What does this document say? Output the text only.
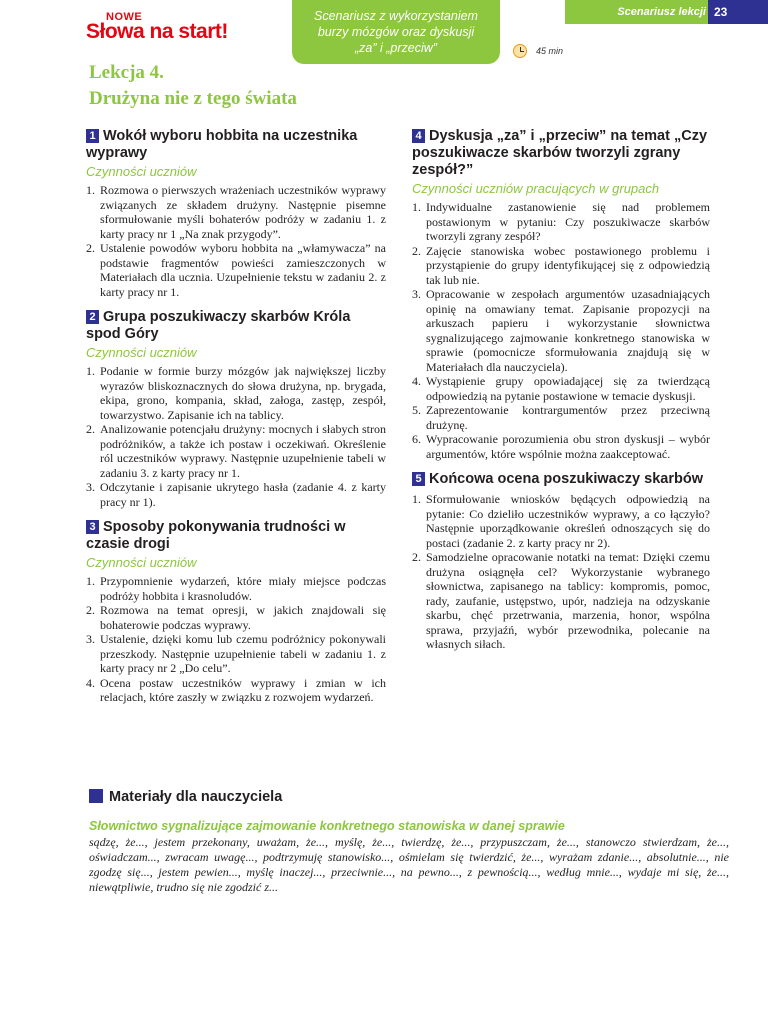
NOWE
Słowa na start!
Scenariusz z wykorzystaniem
burzy mózgów oraz dyskusji
„za” i „przeciw”	45 min
Scenariusz lekcji 23
Lekcja 4.
Drużyna nie z tego świata
1 Wokół wyboru hobbita na uczestnika wyprawy
Czynności uczniów
1. Rozmowa o pierwszych wrażeniach uczestników wyprawy związanych ze składem drużyny. Następnie pisemne sformułowanie myśli bohaterów podróży w zadaniu 1. z karty pracy nr 1 „Na znak przygody”.
2. Ustalenie powodów wyboru hobbita na „włamywacza” na podstawie fragmentów powieści zamieszczonych w Materiałach dla ucznia. Uzupełnienie tekstu w zadaniu 2. z karty pracy nr 1.
2 Grupa poszukiwaczy skarbów Króla spod Góry
Czynności uczniów
1. Podanie w formie burzy mózgów jak największej liczby wyrazów bliskoznacznych do słowa drużyna, np. brygada, ekipa, grono, kompania, skład, załoga, zastęp, zespół, towarzystwo. Zapisanie ich na tablicy.
2. Analizowanie potencjału drużyny: mocnych i słabych stron podróżników, a także ich postaw i oczekiwań. Określenie ról uczestników wyprawy. Następnie uzupełnienie tabeli w zadaniu 3. z karty pracy nr 1.
3. Odczytanie i zapisanie ukrytego hasła (zadanie 4. z karty pracy nr 1).
3 Sposoby pokonywania trudności w czasie drogi
Czynności uczniów
1. Przypomnienie wydarzeń, które miały miejsce podczas podróży hobbita i krasnoludów.
2. Rozmowa na temat opresji, w jakich znajdowali się bohaterowie podczas wyprawy.
3. Ustalenie, dzięki komu lub czemu podróżnicy pokonywali przeszkody. Następnie uzupełnienie tabeli w zadaniu 1. z karty pracy nr 2 „Do celu”.
4. Ocena postaw uczestników wyprawy i zmian w ich relacjach, które zaszły w związku z rozwojem wydarzeń.
4 Dyskusja „za” i „przeciw” na temat „Czy poszukiwacze skarbów tworzyli zgrany zespół?”
Czynności uczniów pracujących w grupach
1. Indywidualne zastanowienie się nad problemem postawionym w pytaniu: Czy poszukiwacze skarbów tworzyli zgrany zespół?
2. Zajęcie stanowiska wobec postawionego problemu i przystąpienie do grupy identyfikującej się z odpowiedzią tak lub nie.
3. Opracowanie w zespołach argumentów uzasadniających opinię na omawiany temat. Zapisanie propozycji na arkuszach papieru i wykorzystanie słownictwa sygnalizującego zajmowanie konkretnego stanowiska w sprawie (pomocnicze sformułowania znajdują się w Materiałach dla nauczyciela).
4. Wystąpienie grupy opowiadającej się za twierdzącą odpowiedzią na pytanie postawione w temacie dyskusji.
5. Zaprezentowanie kontrargumentów przez przeciwną drużynę.
6. Wypracowanie porozumienia obu stron dyskusji – wybór argumentów, które wspólnie można zaakceptować.
5 Końcowa ocena poszukiwaczy skarbów
1. Sformułowanie wniosków będących odpowiedzią na pytanie: Co dzieliło uczestników wyprawy, a co łączyło? Następnie uporządkowanie określeń odnoszących się do postaci (zadanie 2. z karty pracy nr 2).
2. Samodzielne opracowanie notatki na temat: Dzięki czemu drużyna osiągnęła cel? Wykorzystanie wybranego słownictwa, zapisanego na tablicy: kompromis, pomoc, rady, zaufanie, ustępstwo, upór, nadzieja na odzyskanie skarbu, chęć przetrwania, marzenia, honor, wspólna sprawa, przyjaźń, wybór przewodnika, polecanie na własnych siłach.
Materiały dla nauczyciela
Słownictwo sygnalizujące zajmowanie konkretnego stanowiska w danej sprawie
sądzę, że..., jestem przekonany, uważam, że..., myślę, że..., twierdzę, że..., przypuszczam, że..., stanowczo stwierdzam, że..., oświadczam..., zwracam uwagę..., podtrzymuję stanowisko..., ośmielam się twierdzić, że..., wyrażam zdanie..., absolutnie..., nie zgodzę się..., jestem pewien..., myślę inaczej..., przeciwnie..., na pewno..., z pewnością..., według mnie..., wydaje mi się, że..., niewątpliwie, trudno się nie zgodzić z...
